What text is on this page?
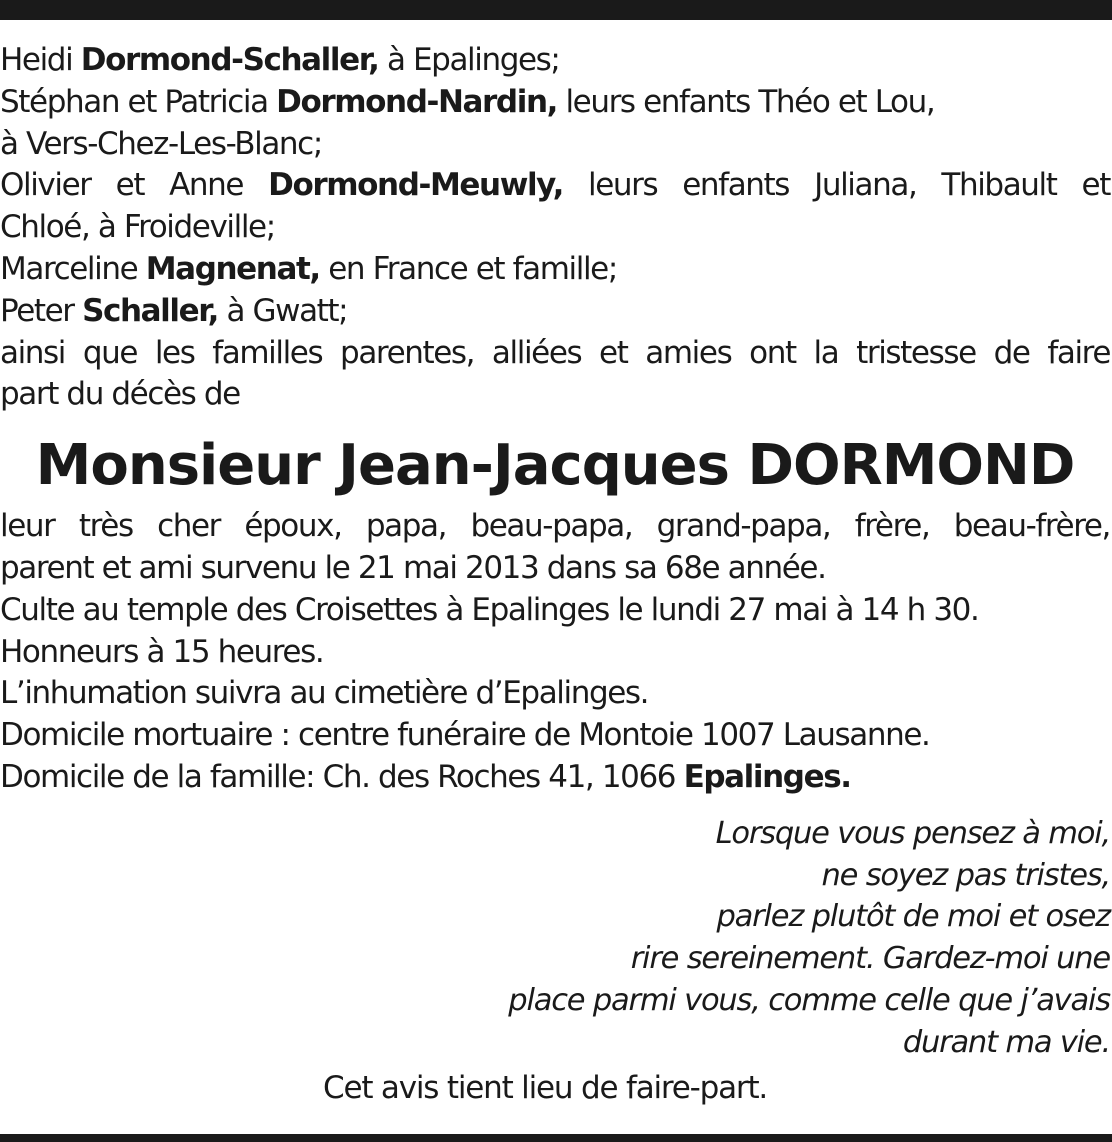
Heidi Dormond-Schaller, à Epalinges;
Stéphan et Patricia Dormond-Nardin, leurs enfants Théo et Lou,
à Vers-Chez-Les-Blanc;
Olivier et Anne Dormond-Meuwly, leurs enfants Juliana, Thibault et
Chloé, à Froideville;
Marceline Magnenat, en France et famille;
Peter Schaller, à Gwatt;
ainsi que les familles parentes, alliées et amies ont la tristesse de faire
part du décès de
Monsieur Jean-Jacques DORMOND
leur très cher époux, papa, beau-papa, grand-papa, frère, beau-frère,
parent et ami survenu le 21 mai 2013 dans sa 68e année.
Culte au temple des Croisettes à Epalinges le lundi 27 mai à 14 h 30.
Honneurs à 15 heures.
L’inhumation suivra au cimetière d’Epalinges.
Domicile mortuaire : centre funéraire de Montoie 1007 Lausanne.
Domicile de la famille: Ch. des Roches 41, 1066 Epalinges.
Lorsque vous pensez à moi,
ne soyez pas tristes,
parlez plutôt de moi et osez
rire sereinement. Gardez-moi une
place parmi vous, comme celle que j’avais
durant ma vie.
Cet avis tient lieu de faire-part.
